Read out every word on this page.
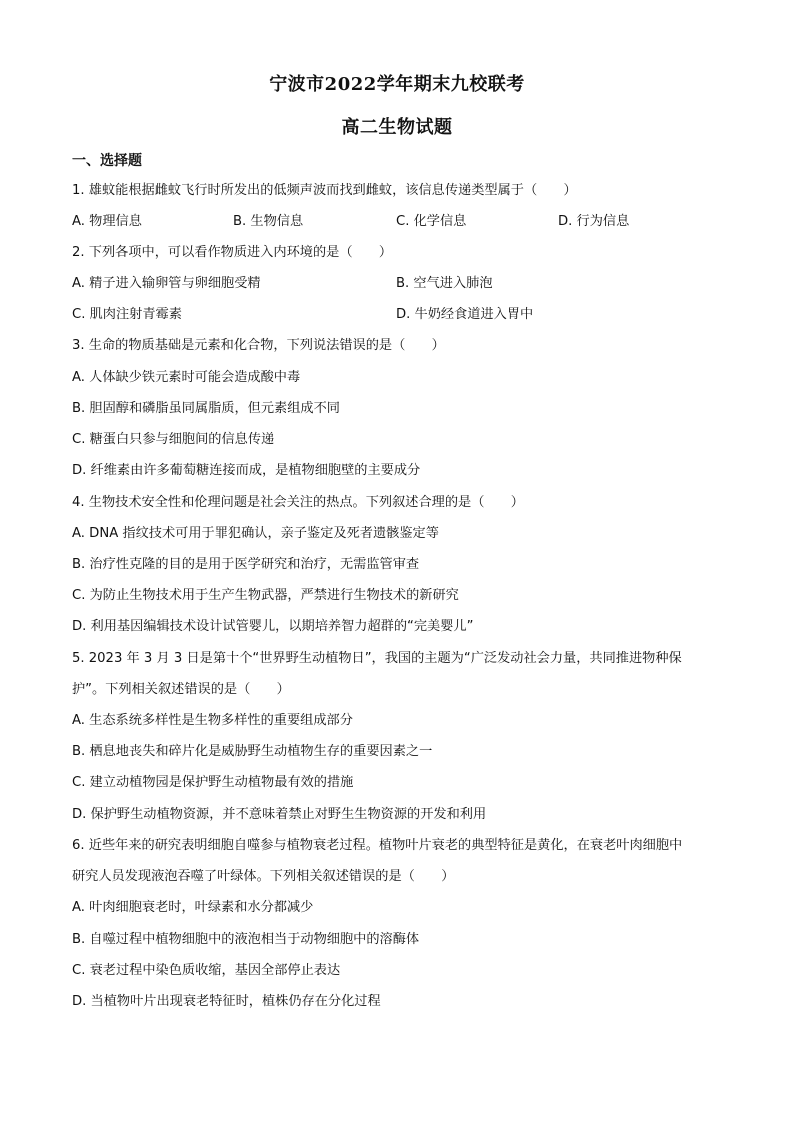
宁波市2022学年期末九校联考
高二生物试题
一、选择题
1. 雄蚊能根据雌蚊飞行时所发出的低频声波而找到雌蚊，该信息传递类型属于（　　）
A. 物理信息	B. 生物信息	C. 化学信息	D. 行为信息
2. 下列各项中，可以看作物质进入内环境的是（　　）
A. 精子进入输卵管与卵细胞受精	B. 空气进入肺泡
C. 肌肉注射青霉素	D. 牛奶经食道进入胃中
3. 生命的物质基础是元素和化合物，下列说法错误的是（　　）
A. 人体缺少铁元素时可能会造成酸中毒
B. 胆固醇和磷脂虽同属脂质，但元素组成不同
C. 糖蛋白只参与细胞间的信息传递
D. 纤维素由许多葡萄糖连接而成，是植物细胞壁的主要成分
4. 生物技术安全性和伦理问题是社会关注的热点。下列叙述合理的是（　　）
A. DNA 指纹技术可用于罪犯确认，亲子鉴定及死者遗骸鉴定等
B. 治疗性克隆的目的是用于医学研究和治疗，无需监管审查
C. 为防止生物技术用于生产生物武器，严禁进行生物技术的新研究
D. 利用基因编辑技术设计试管婴儿，以期培养智力超群的“完美婴儿”
5. 2023 年 3 月 3 日是第十个“世界野生动植物日”，我国的主题为“广泛发动社会力量，共同推进物种保
护”。下列相关叙述错误的是（　　）
A. 生态系统多样性是生物多样性的重要组成部分
B. 栖息地丧失和碎片化是威胁野生动植物生存的重要因素之一
C. 建立动植物园是保护野生动植物最有效的措施
D. 保护野生动植物资源，并不意味着禁止对野生生物资源的开发和利用
6. 近些年来的研究表明细胞自噬参与植物衰老过程。植物叶片衰老的典型特征是黄化，在衰老叶肉细胞中
研究人员发现液泡吞噬了叶绿体。下列相关叙述错误的是（　　）
A. 叶肉细胞衰老时，叶绿素和水分都减少
B. 自噬过程中植物细胞中的液泡相当于动物细胞中的溶酶体
C. 衰老过程中染色质收缩，基因全部停止表达
D. 当植物叶片出现衰老特征时，植株仍存在分化过程
